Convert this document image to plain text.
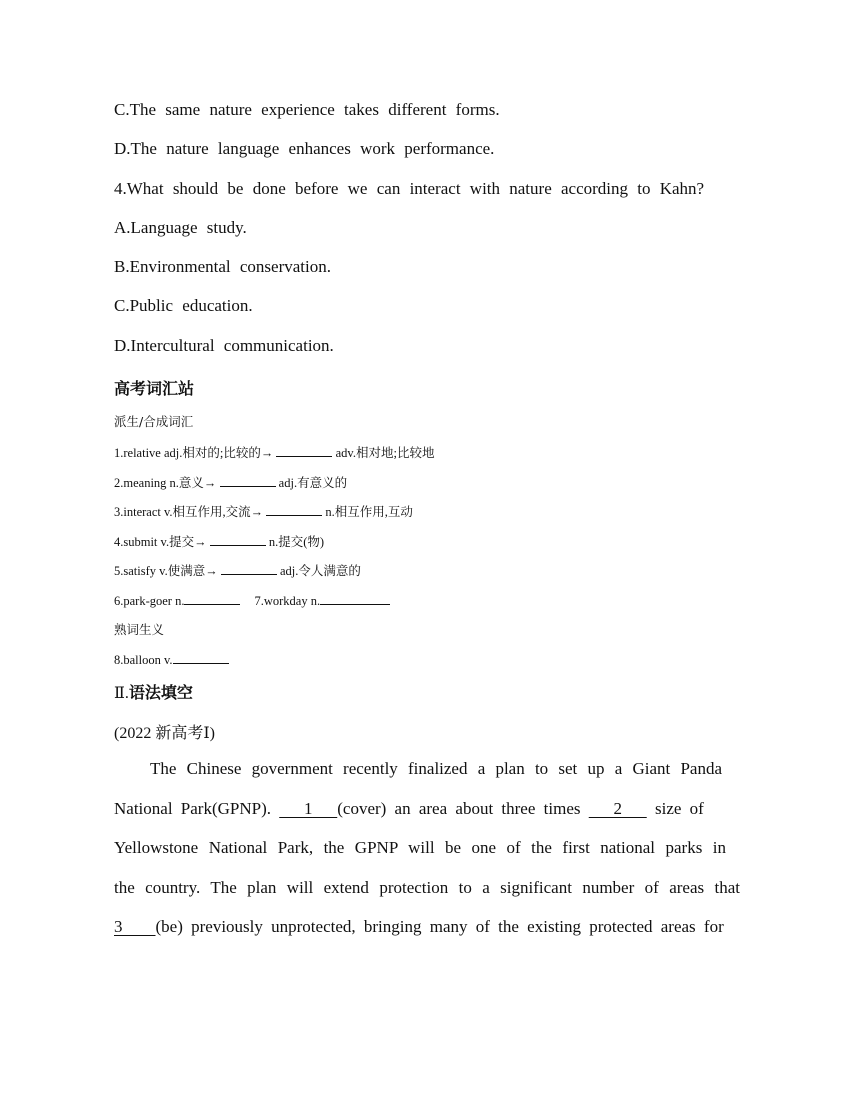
C.The same nature experience takes different forms.
D.The nature language enhances work performance.
4.What should be done before we can interact with nature according to Kahn?
A.Language study.
B.Environmental conservation.
C.Public education.
D.Intercultural communication.
高考词汇站
派生/合成词汇
1.relative adj.相对的;比较的→	adv.相对地;比较地
2.meaning n.意义→	adj.有意义的
3.interact v.相互作用,交流→	n.相互作用,互动
4.submit v.提交→	n.提交(物)
5.satisfy v.使满意→	adj.令人满意的
6.park-goer n.	7.workday n.
熟词生义
8.balloon v.
Ⅱ.语法填空
(2022 新高考Ⅰ)
The Chinese government recently finalized a plan to set up a Giant Panda
National Park(GPNP). 1 (cover) an area about three times 2 size of
Yellowstone National Park, the GPNP will be one of the first national parks in
the country. The plan will extend protection to a significant number of areas that
3 (be) previously unprotected, bringing many of the existing protected areas for
